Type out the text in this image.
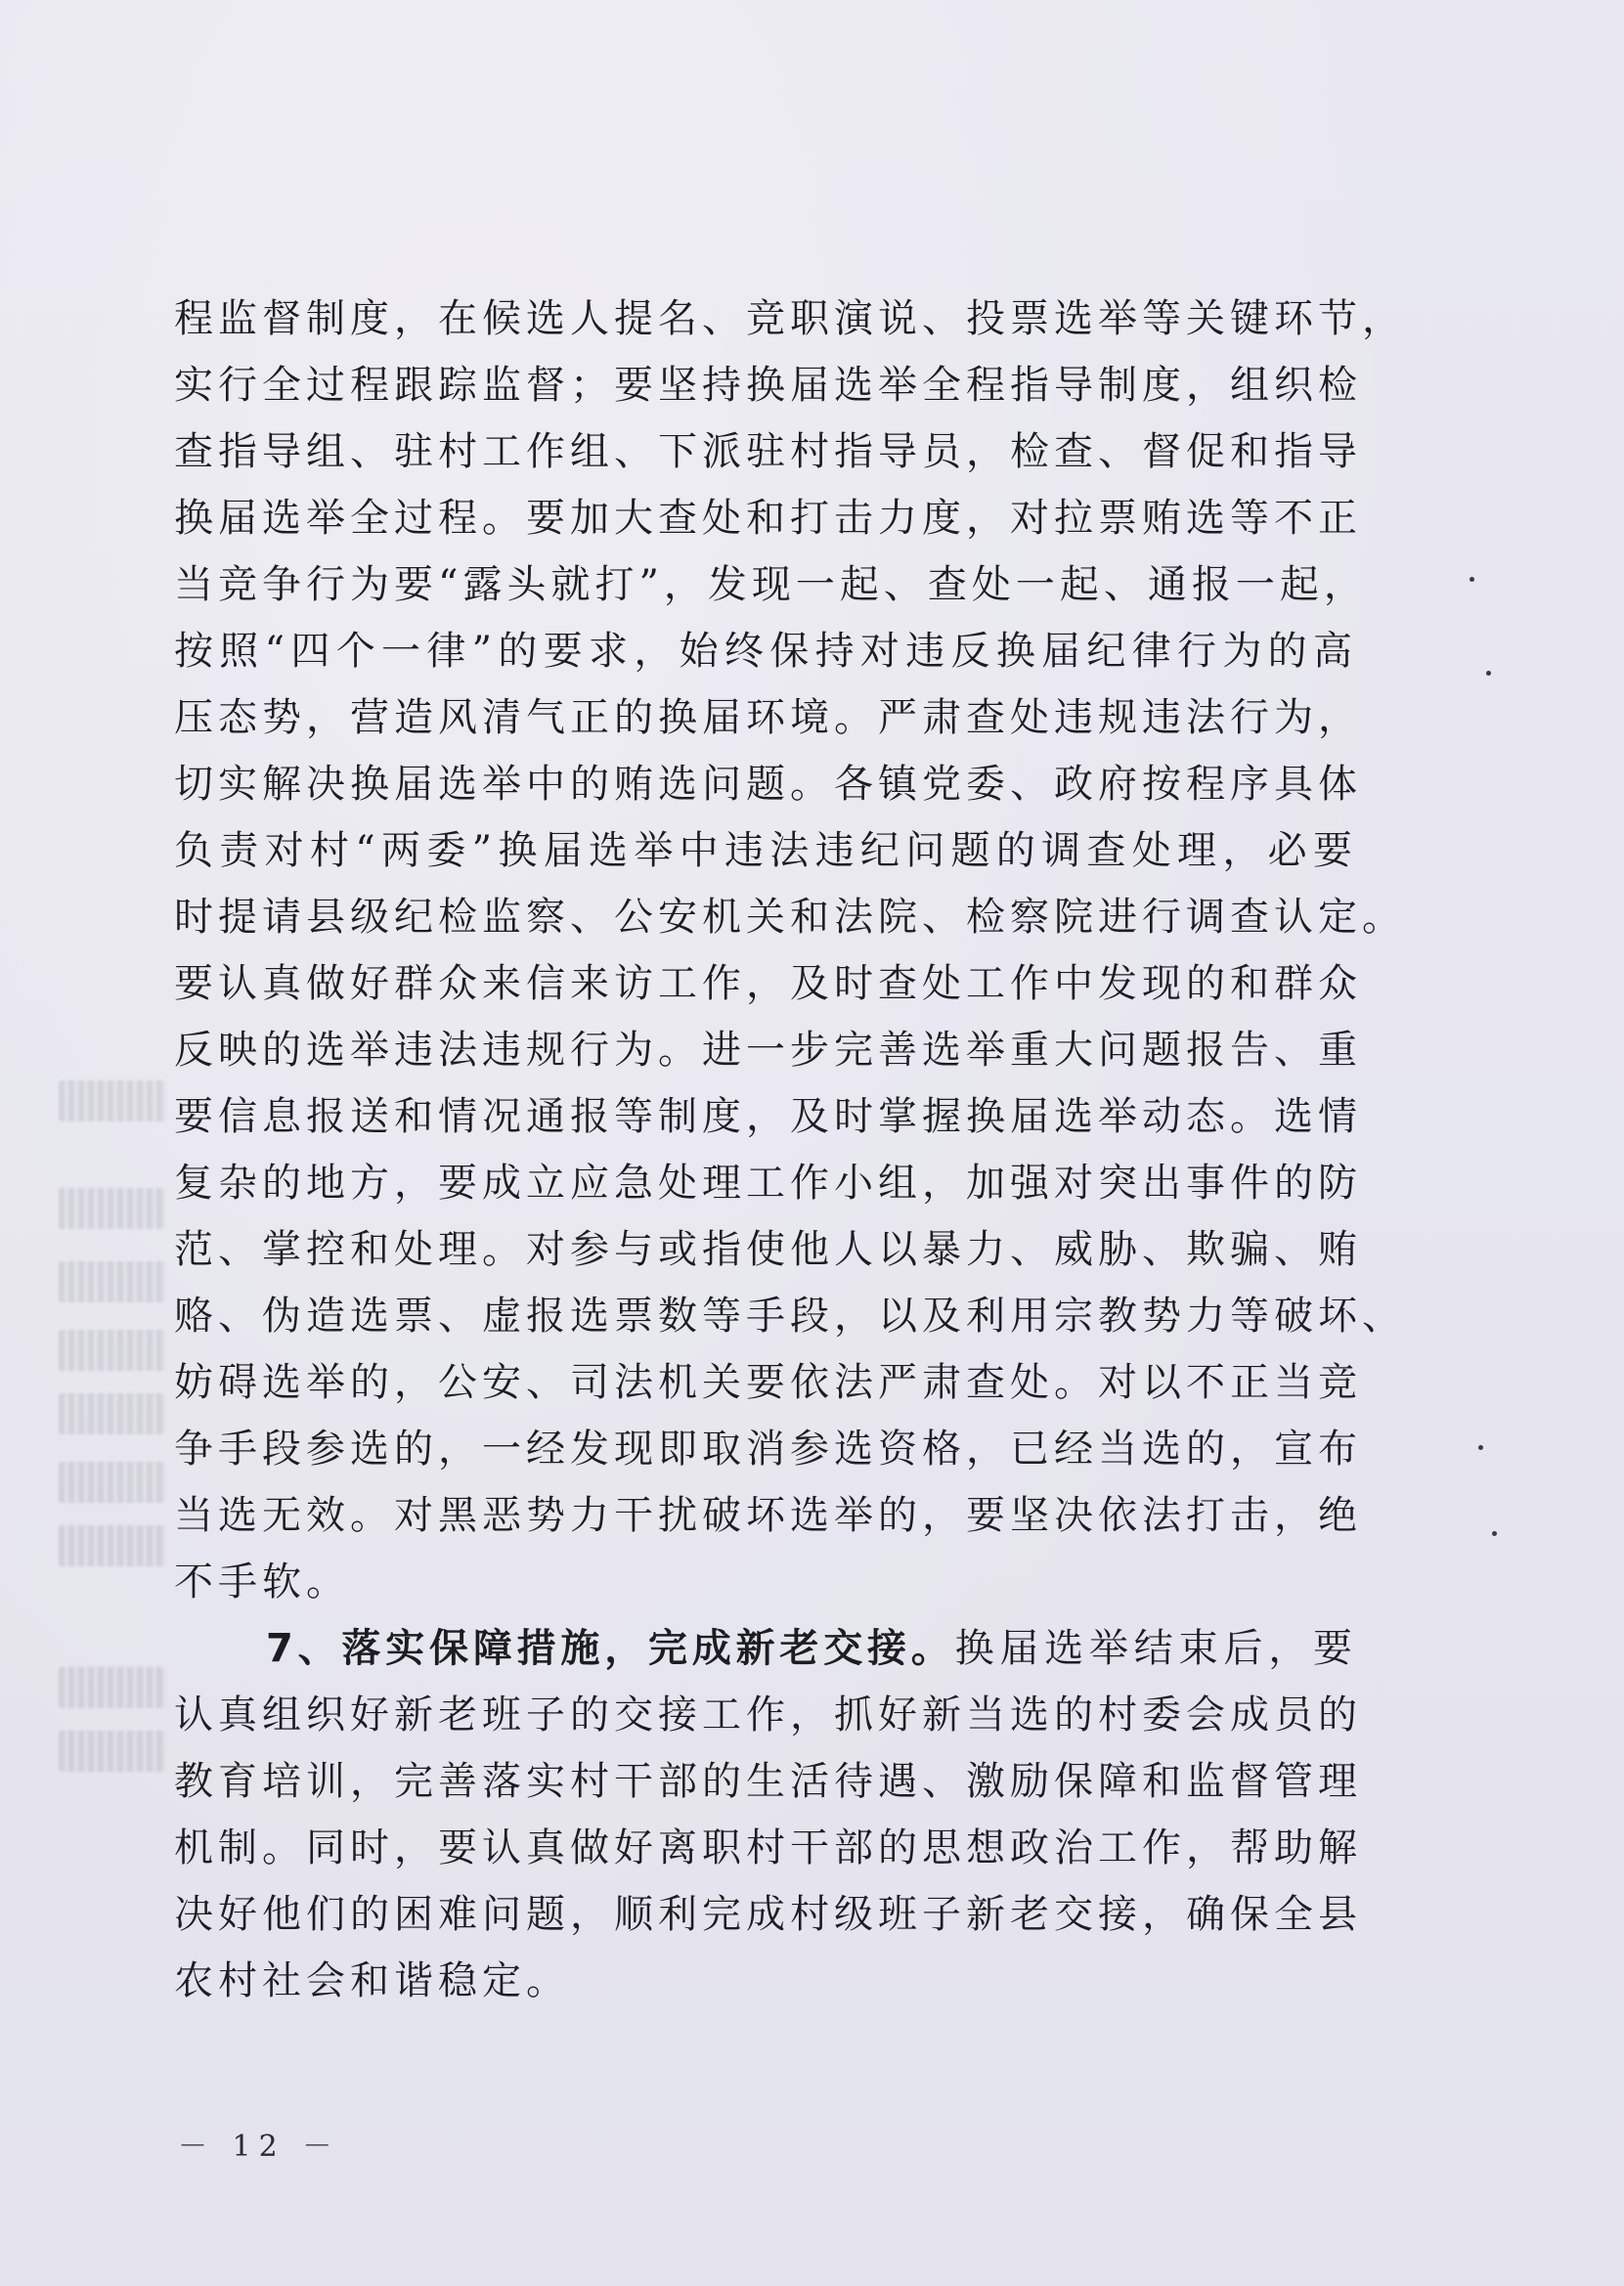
程监督制度，在候选人提名、竞职演说、投票选举等关键环节，
实行全过程跟踪监督；要坚持换届选举全程指导制度，组织检
查指导组、驻村工作组、下派驻村指导员，检查、督促和指导
换届选举全过程。要加大查处和打击力度，对拉票贿选等不正
当竞争行为要“露头就打”，发现一起、查处一起、通报一起，
按照“四个一律”的要求，始终保持对违反换届纪律行为的高
压态势，营造风清气正的换届环境。严肃查处违规违法行为，
切实解决换届选举中的贿选问题。各镇党委、政府按程序具体
负责对村“两委”换届选举中违法违纪问题的调查处理，必要
时提请县级纪检监察、公安机关和法院、检察院进行调查认定。
要认真做好群众来信来访工作，及时查处工作中发现的和群众
反映的选举违法违规行为。进一步完善选举重大问题报告、重
要信息报送和情况通报等制度，及时掌握换届选举动态。选情
复杂的地方，要成立应急处理工作小组，加强对突出事件的防
范、掌控和处理。对参与或指使他人以暴力、威胁、欺骗、贿
赂、伪造选票、虚报选票数等手段，以及利用宗教势力等破坏、
妨碍选举的，公安、司法机关要依法严肃查处。对以不正当竞
争手段参选的，一经发现即取消参选资格，已经当选的，宣布
当选无效。对黑恶势力干扰破坏选举的，要坚决依法打击，绝
不手软。
7、落实保障措施，完成新老交接。换届选举结束后，要
认真组织好新老班子的交接工作，抓好新当选的村委会成员的
教育培训，完善落实村干部的生活待遇、激励保障和监督管理
机制。同时，要认真做好离职村干部的思想政治工作，帮助解
决好他们的困难问题，顺利完成村级班子新老交接，确保全县
农村社会和谐稳定。
－ 12 －
